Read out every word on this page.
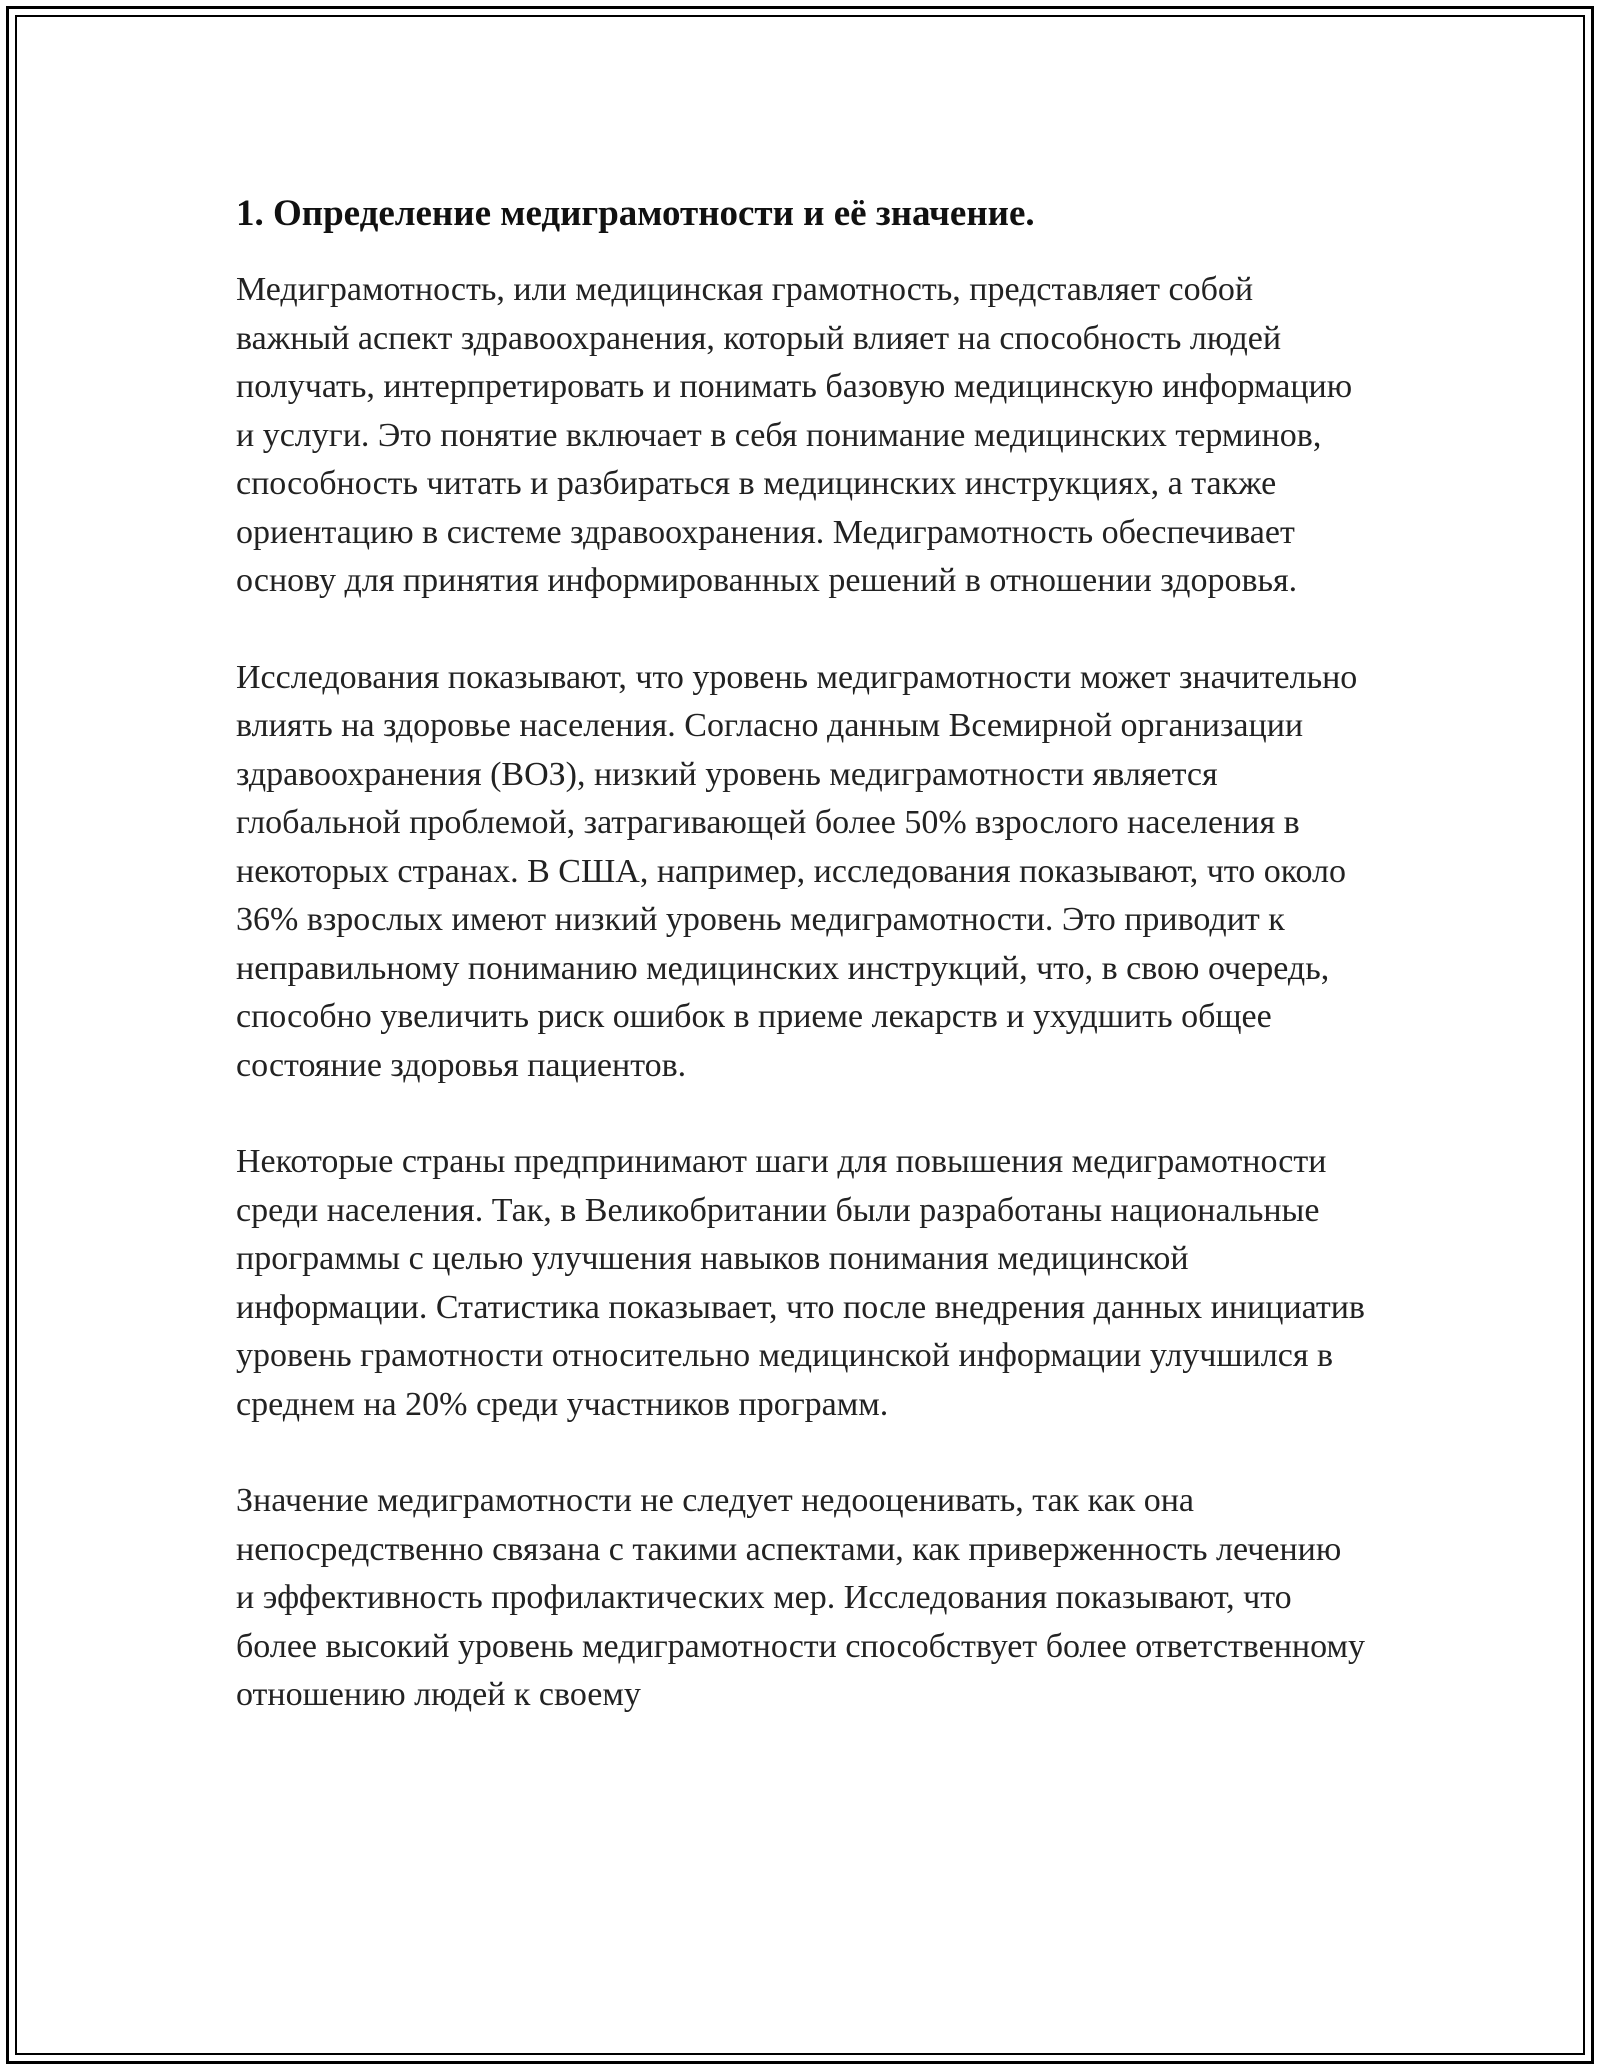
1. Определение медиграмотности и её значение.

Медиграмотность, или медицинская грамотность, представляет собой важный аспект здравоохранения, который влияет на способность людей получать, интерпретировать и понимать базовую медицинскую информацию и услуги. Это понятие включает в себя понимание медицинских терминов, способность читать и разбираться в медицинских инструкциях, а также ориентацию в системе здравоохранения. Медиграмотность обеспечивает основу для принятия информированных решений в отношении здоровья.

Исследования показывают, что уровень медиграмотности может значительно влиять на здоровье населения. Согласно данным Всемирной организации здравоохранения (ВОЗ), низкий уровень медиграмотности является глобальной проблемой, затрагивающей более 50% взрослого населения в некоторых странах. В США, например, исследования показывают, что около 36% взрослых имеют низкий уровень медиграмотности. Это приводит к неправильному пониманию медицинских инструкций, что, в свою очередь, способно увеличить риск ошибок в приеме лекарств и ухудшить общее состояние здоровья пациентов.

Некоторые страны предпринимают шаги для повышения медиграмотности среди населения. Так, в Великобритании были разработаны национальные программы с целью улучшения навыков понимания медицинской информации. Статистика показывает, что после внедрения данных инициатив уровень грамотности относительно медицинской информации улучшился в среднем на 20% среди участников программ.

Значение медиграмотности не следует недооценивать, так как она непосредственно связана с такими аспектами, как приверженность лечению и эффективность профилактических мер. Исследования показывают, что более высокий уровень медиграмотности способствует более ответственному отношению людей к своему
